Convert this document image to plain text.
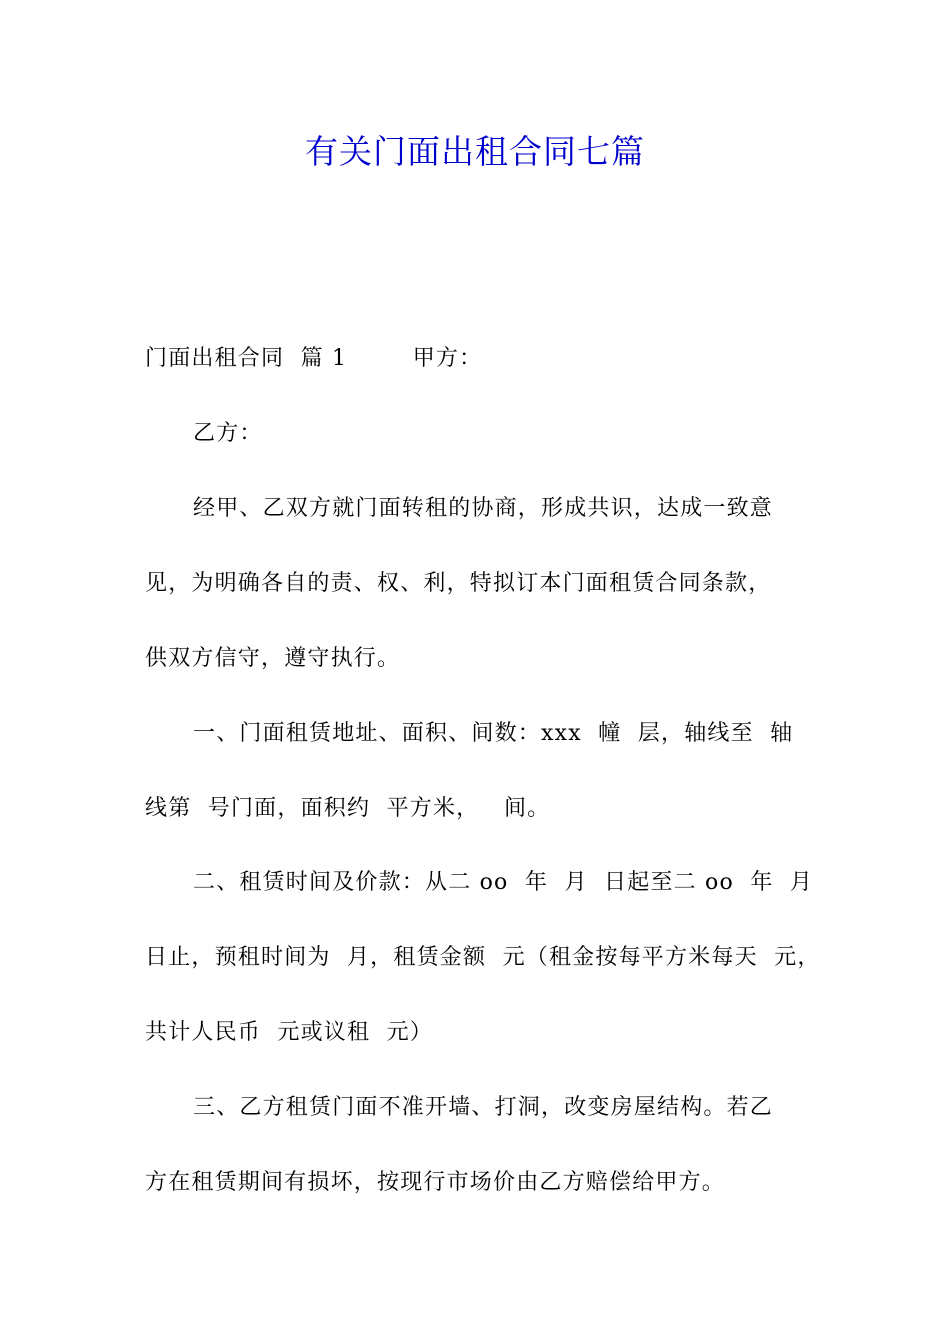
有关门面出租合同七篇
门面出租合同  篇 1        甲方：
乙方：
经甲、乙双方就门面转租的协商，形成共识，达成一致意
见，为明确各自的责、权、利，特拟订本门面租赁合同条款，
供双方信守，遵守执行。
一、门面租赁地址、面积、间数：xxx  幢  层，轴线至  轴
线第  号门面，面积约  平方米，   间。
二、租赁时间及价款：从二 oo  年  月  日起至二 oo  年  月
日止，预租时间为  月，租赁金额  元（租金按每平方米每天  元，
共计人民币  元或议租  元）
三、乙方租赁门面不准开墙、打洞，改变房屋结构。若乙
方在租赁期间有损坏，按现行市场价由乙方赔偿给甲方。
